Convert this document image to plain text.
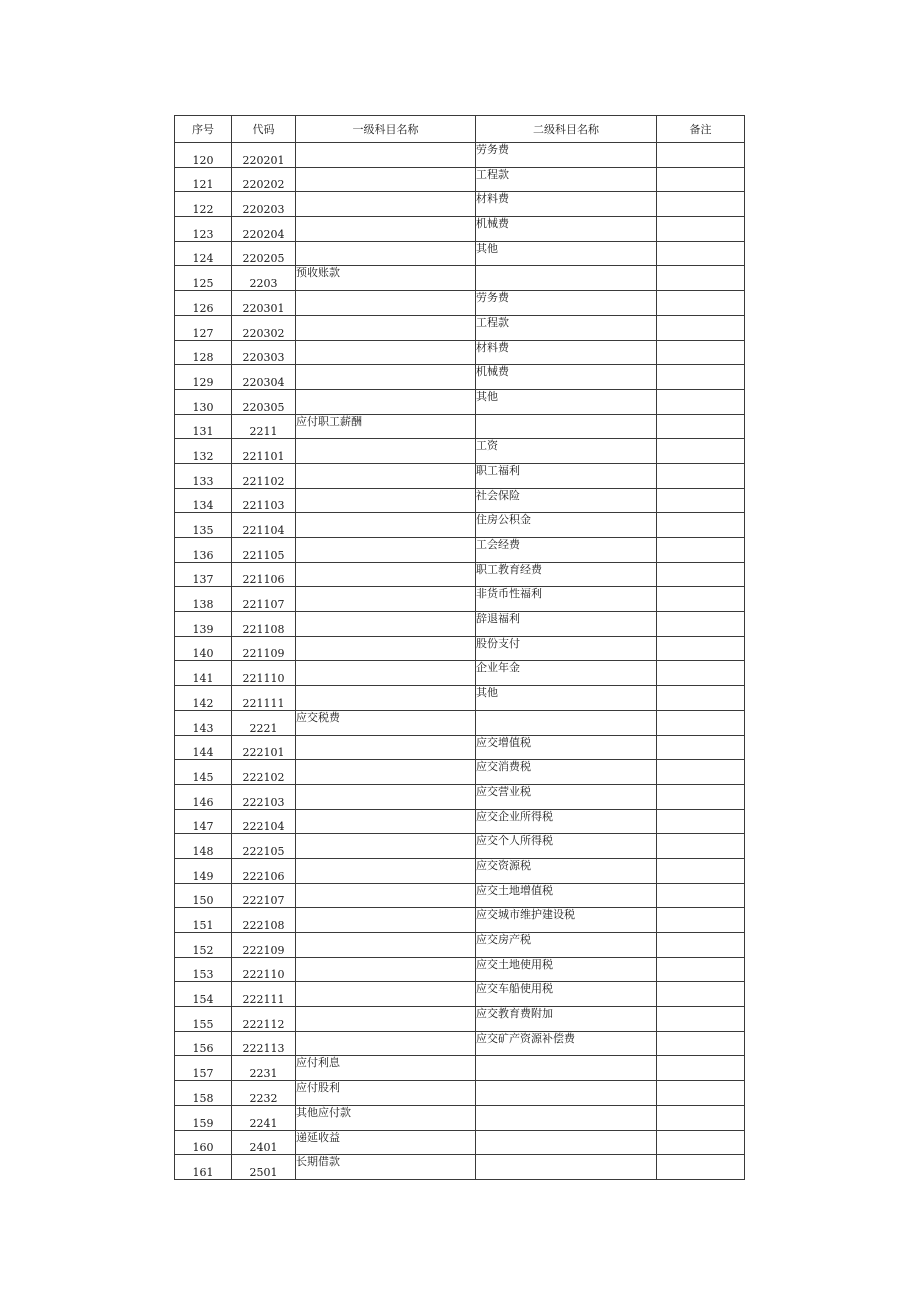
序号	代码	一级科目名称	二级科目名称	备注
120	220201		劳务费	
121	220202		工程款	
122	220203		材料费	
123	220204		机械费	
124	220205		其他	
125	2203	预收账款		
126	220301		劳务费	
127	220302		工程款	
128	220303		材料费	
129	220304		机械费	
130	220305		其他	
131	2211	应付职工薪酬		
132	221101		工资	
133	221102		职工福利	
134	221103		社会保险	
135	221104		住房公积金	
136	221105		工会经费	
137	221106		职工教育经费	
138	221107		非货币性福利	
139	221108		辞退福利	
140	221109		股份支付	
141	221110		企业年金	
142	221111		其他	
143	2221	应交税费		
144	222101		应交增值税	
145	222102		应交消费税	
146	222103		应交营业税	
147	222104		应交企业所得税	
148	222105		应交个人所得税	
149	222106		应交资源税	
150	222107		应交土地增值税	
151	222108		应交城市维护建设税	
152	222109		应交房产税	
153	222110		应交土地使用税	
154	222111		应交车船使用税	
155	222112		应交教育费附加	
156	222113		应交矿产资源补偿费	
157	2231	应付利息		
158	2232	应付股利		
159	2241	其他应付款		
160	2401	递延收益		
161	2501	长期借款		
